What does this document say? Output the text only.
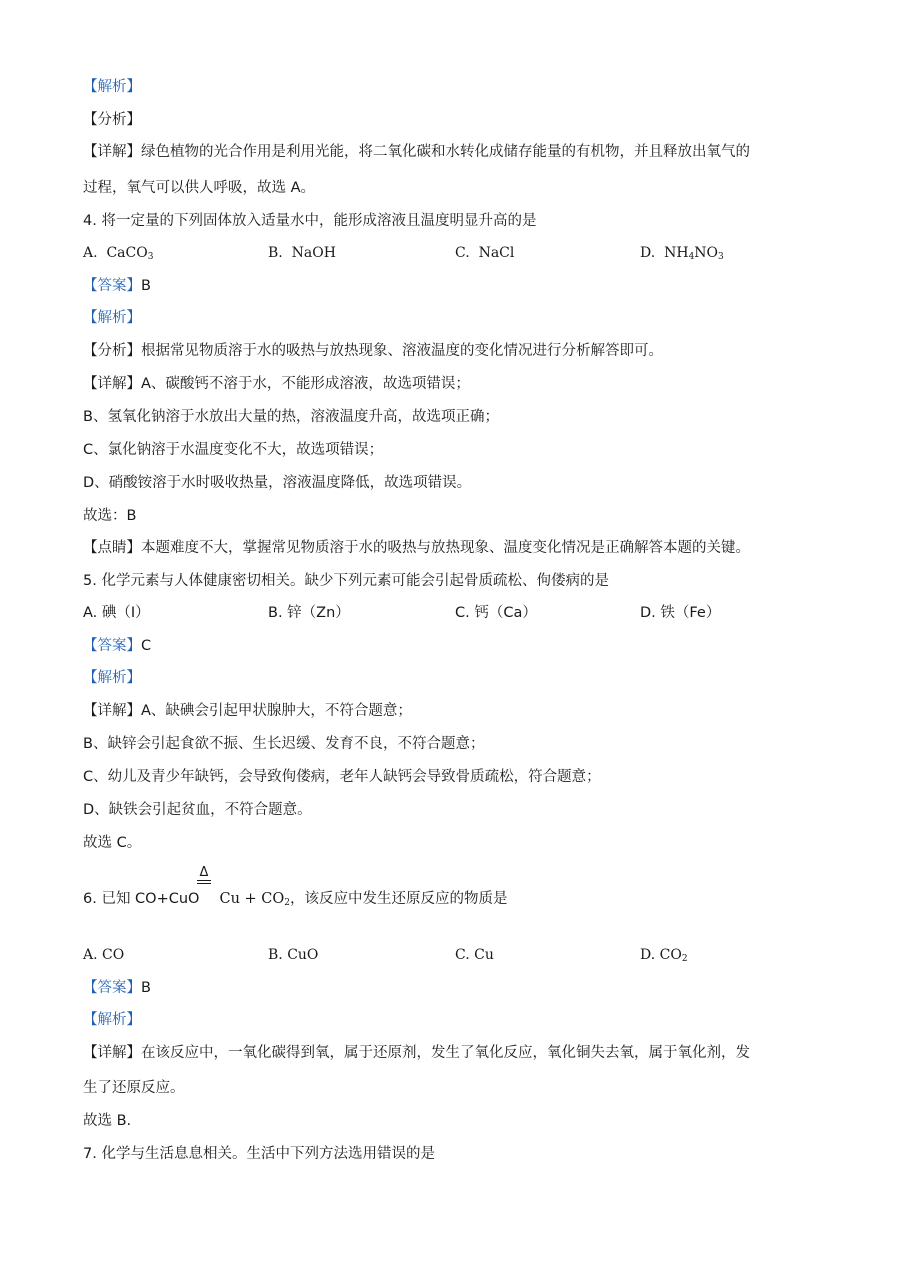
【解析】
【分析】
【详解】绿色植物的光合作用是利用光能，将二氧化碳和水转化成储存能量的有机物，并且释放出氧气的
过程，氧气可以供人呼吸，故选 A。
4. 将一定量的下列固体放入适量水中，能形成溶液且温度明显升高的是
A. CaCO$_3$	B. NaOH	C. NaCl	D. $NH_4NO_3$
【答案】B
【解析】
【分析】根据常见物质溶于水的吸热与放热现象、溶液温度的变化情况进行分析解答即可。
【详解】A、碳酸钙不溶于水，不能形成溶液，故选项错误；
B、氢氧化钠溶于水放出大量的热，溶液温度升高，故选项正确；
C、氯化钠溶于水温度变化不大，故选项错误；
D、硝酸铵溶于水时吸收热量，溶液温度降低，故选项错误。
故选：B
【点睛】本题难度不大，掌握常见物质溶于水的吸热与放热现象、温度变化情况是正确解答本题的关键。
5. 化学元素与人体健康密切相关。缺少下列元素可能会引起骨质疏松、佝偻病的是
A. 碘（I）	B. 锌（Zn）	C. 钙（Ca）	D. 铁（Fe）
【答案】C
【解析】
【详解】A、缺碘会引起甲状腺肿大，不符合题意；
B、缺锌会引起食欲不振、生长迟缓、发育不良，不符合题意；
C、幼儿及青少年缺钙，会导致佝偻病，老年人缺钙会导致骨质疏松，符合题意；
D、缺铁会引起贫血，不符合题意。
故选 C。
Δ
6. 已知 CO+CuO $Cu + CO_2$，该反应中发生还原反应的物质是
A. CO	B. CuO	C. Cu	D. $CO_2$
【答案】B
【解析】
【详解】在该反应中，一氧化碳得到氧，属于还原剂，发生了氧化反应，氧化铜失去氧，属于氧化剂，发
生了还原反应。
故选 B.
7. 化学与生活息息相关。生活中下列方法选用错误的是
